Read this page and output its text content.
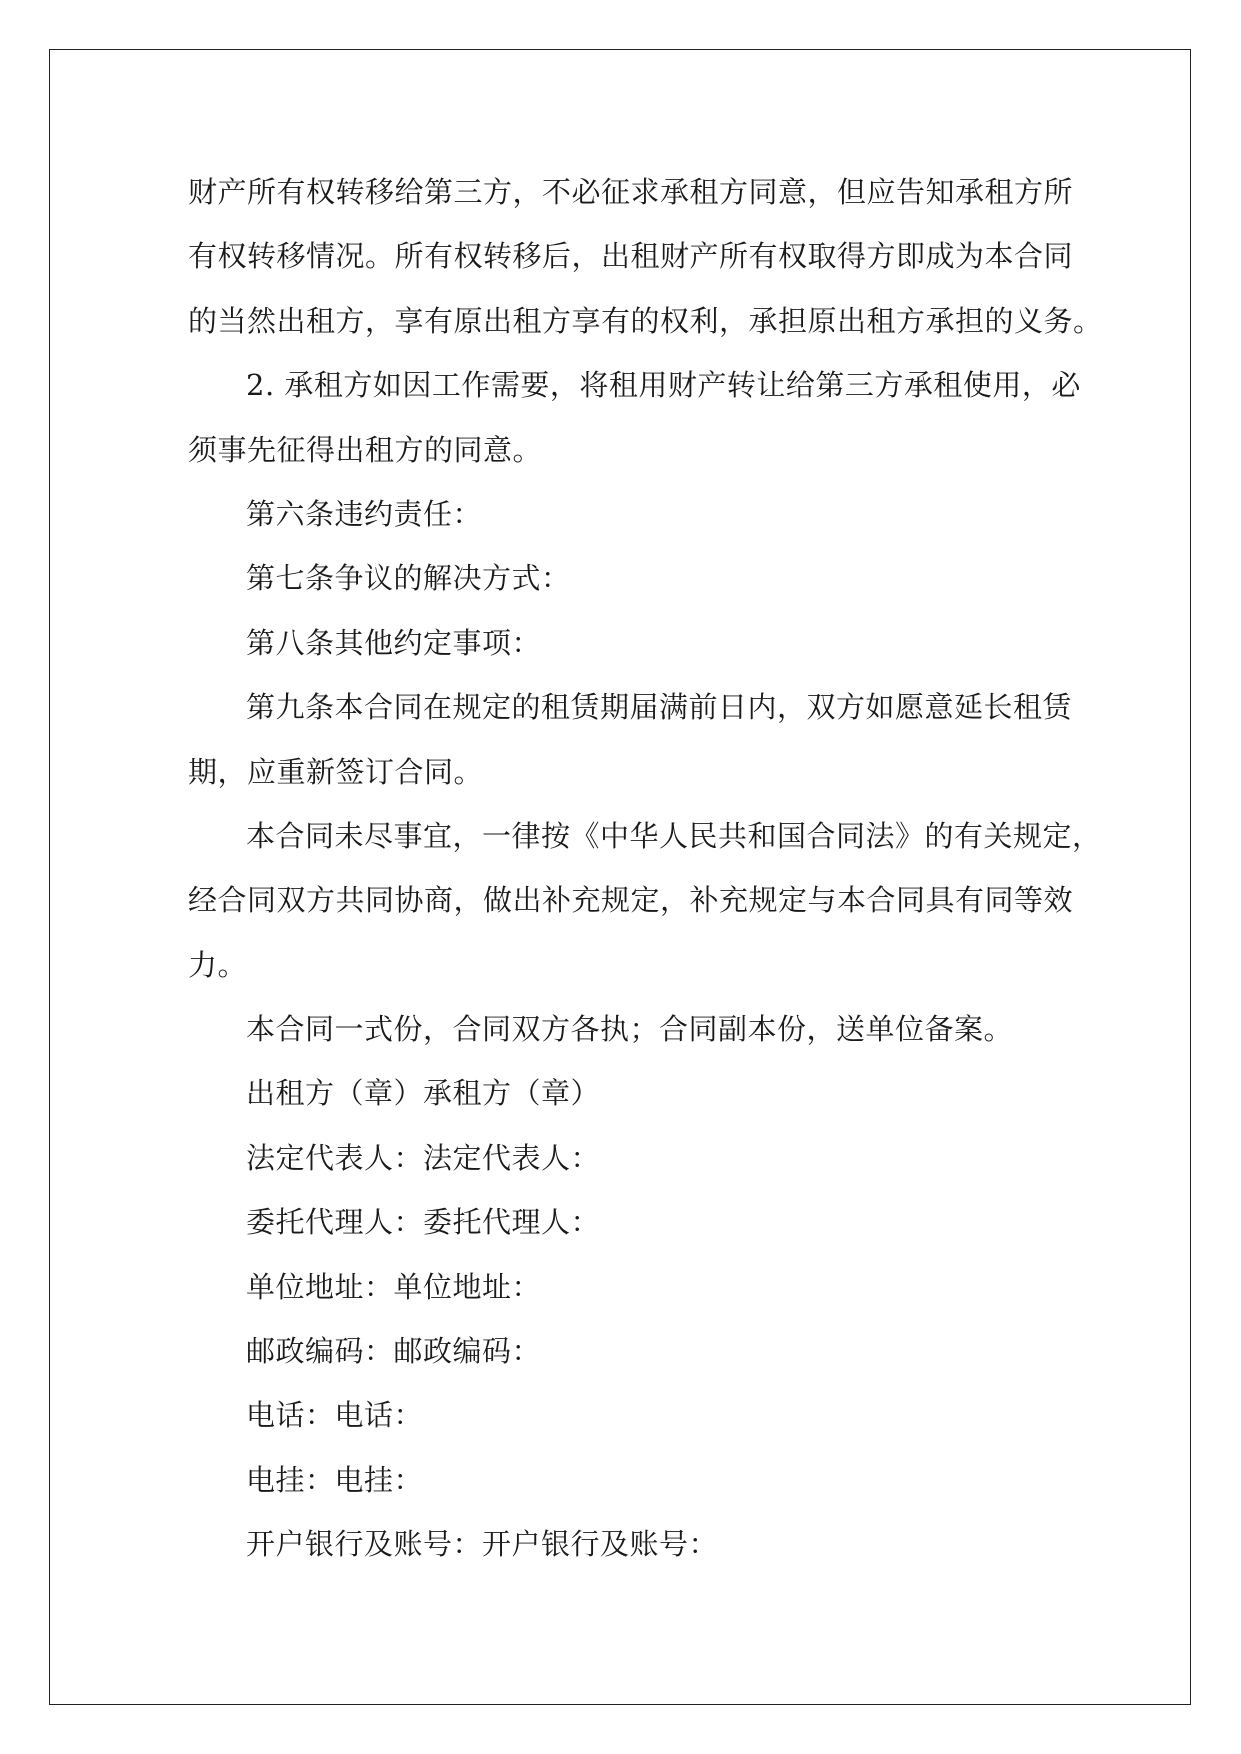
财产所有权转移给第三方，不必征求承租方同意，但应告知承租方所
有权转移情况。所有权转移后，出租财产所有权取得方即成为本合同
的当然出租方，享有原出租方享有的权利，承担原出租方承担的义务。
2. 承租方如因工作需要，将租用财产转让给第三方承租使用，必
须事先征得出租方的同意。
第六条违约责任：
第七条争议的解决方式：
第八条其他约定事项：
第九条本合同在规定的租赁期届满前日内，双方如愿意延长租赁
期，应重新签订合同。
本合同未尽事宜，一律按《中华人民共和国合同法》的有关规定，
经合同双方共同协商，做出补充规定，补充规定与本合同具有同等效
力。
本合同一式份，合同双方各执；合同副本份，送单位备案。
出租方（章）承租方（章）
法定代表人：法定代表人：
委托代理人：委托代理人：
单位地址：单位地址：
邮政编码：邮政编码：
电话：电话：
电挂：电挂：
开户银行及账号：开户银行及账号：
